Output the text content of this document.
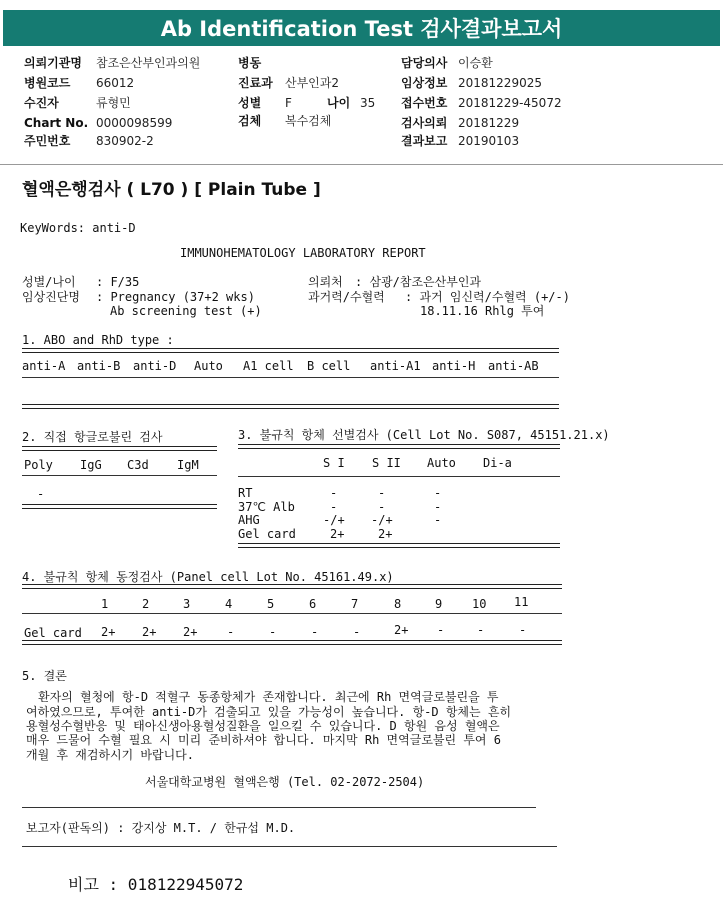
Ab Identification Test 검사결과보고서
의뢰기관명 참조은산부인과의원
병원코드 66012
수진자	류형민
Chart No. 0000098599
주민번호 830902-2
병동
진료과 산부인과2
성별 F	나이 35
검체 복수검체
담당의사 이승환
임상정보 20181229025
접수번호 20181229-45072
검사의뢰 20181229
결과보고 20190103
혈액은행검사 ( L70 ) [ Plain Tube ]
KeyWords: anti-D
IMMUNOHEMATOLOGY LABORATORY REPORT
성별/나이 : F/35
임상진단명 : Pregnancy (37+2 wks)
Ab screening test (+)
의뢰처 : 삼광/참조은산부인과
과거력/수혈력 : 과거 임신력/수혈력 (+/-)
18.11.16 Rhlg 투여
1. ABO and RhD type :
anti-A anti-B anti-D Auto A1 cell B cell anti-A1 anti-H anti-AB
2. 직접 항글로불린 검사
Poly IgG C3d IgM
-
3. 불규칙 항체 선별검사 (Cell Lot No. S087, 45151.21.x)
S I S II Auto Di-a
RT	-	-	-
37℃ Alb	-	-	-
AHG	-/+ -/+	-
Gel card	2+	2+
4. 불규칙 항체 동정검사 (Panel cell Lot No. 45161.49.x)
1	2	3	4	5	6	7	8	9 10 11
Gel card 2+ 2+ 2+ -	-	-	-	2+ -	-	-
5. 결론
환자의 혈청에 항-D 적혈구 동종항체가 존재합니다. 최근에 Rh 면역글로불린을 투
여하였으므로, 투여한 anti-D가 검출되고 있을 가능성이 높습니다. 항-D 항체는 흔히
용혈성수혈반응 및 태아신생아용혈성질환을 일으킬 수 있습니다. D 항원 음성 혈액은
매우 드물어 수혈 필요 시 미리 준비하셔야 합니다. 마지막 Rh 면역글로불린 투여 6
개월 후 재검하시기 바랍니다.
서울대학교병원 혈액은행 (Tel. 02-2072-2504)
보고자(판독의) : 강지상 M.T. / 한규섭 M.D.
비고 : 018122945072
